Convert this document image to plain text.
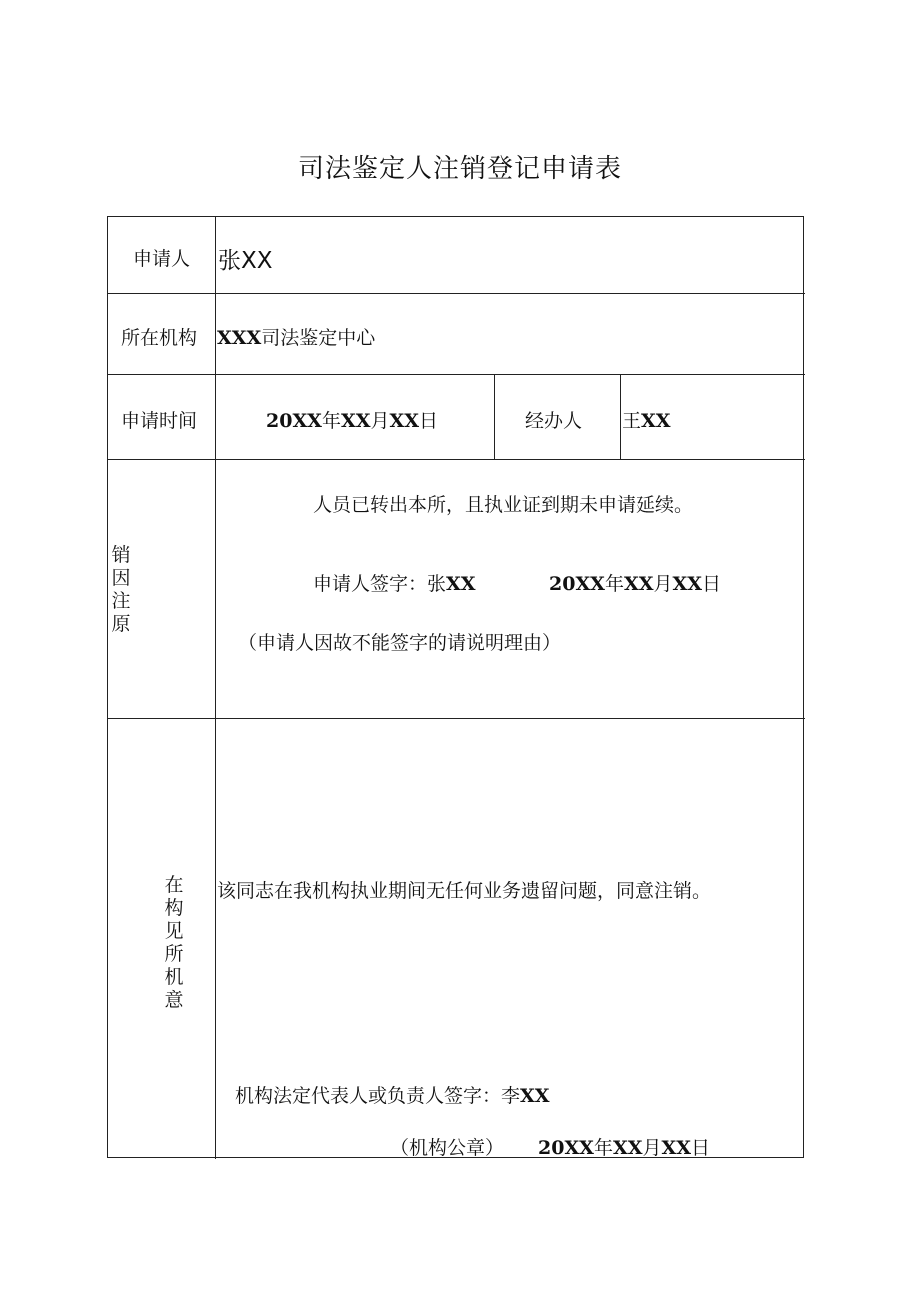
司法鉴定人注销登记申请表
申请人 张XX
所在机构 XXX司法鉴定中心
申请时间	20XX年XX月XX日	经办人 王XX
销
因
注
原
人员已转出本所，且执业证到期未申请延续。
申请人签字：张XX	20XX年XX月XX日
（申请人因故不能签字的请说明理由）
在
构
见
所
机
意
该同志在我机构执业期间无任何业务遗留问题，同意注销。
机构法定代表人或负责人签字：李XX
（机构公章） 20XX年XX月XX日
